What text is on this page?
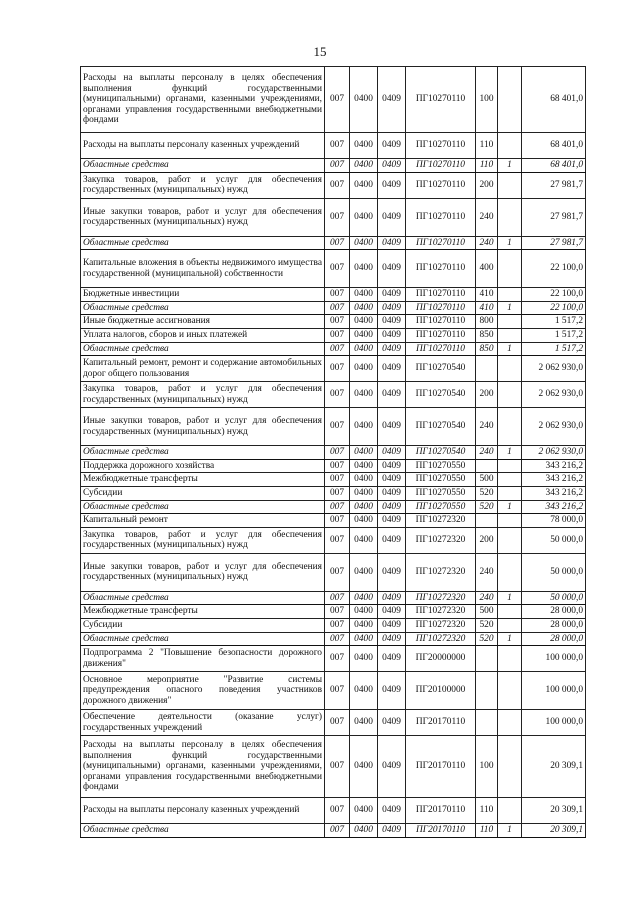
15
Расходы на выплаты персоналу в целях обеспечения выполнения функций государственными (муниципальными) органами, казенными учреждениями, органами управления государственными внебюджетными фондами	007	0400	0409	ПГ10270110	100		68 401,0
Расходы на выплаты персоналу казенных учреждений	007	0400	0409	ПГ10270110	110		68 401,0
Областные средства	007	0400	0409	ПГ10270110	110	1	68 401,0
Закупка товаров, работ и услуг для обеспечения государственных (муниципальных) нужд	007	0400	0409	ПГ10270110	200		27 981,7
Иные закупки товаров, работ и услуг для обеспечения государственных (муниципальных) нужд	007	0400	0409	ПГ10270110	240		27 981,7
Областные средства	007	0400	0409	ПГ10270110	240	1	27 981,7
Капитальные вложения в объекты недвижимого имущества государственной (муниципальной) собственности	007	0400	0409	ПГ10270110	400		22 100,0
Бюджетные инвестиции	007	0400	0409	ПГ10270110	410		22 100,0
Областные средства	007	0400	0409	ПГ10270110	410	1	22 100,0
Иные бюджетные ассигнования	007	0400	0409	ПГ10270110	800		1 517,2
Уплата налогов, сборов и иных платежей	007	0400	0409	ПГ10270110	850		1 517,2
Областные средства	007	0400	0409	ПГ10270110	850	1	1 517,2
Капитальный ремонт, ремонт и содержание автомобильных дорог общего пользования	007	0400	0409	ПГ10270540			2 062 930,0
Закупка товаров, работ и услуг для обеспечения государственных (муниципальных) нужд	007	0400	0409	ПГ10270540	200		2 062 930,0
Иные закупки товаров, работ и услуг для обеспечения государственных (муниципальных) нужд	007	0400	0409	ПГ10270540	240		2 062 930,0
Областные средства	007	0400	0409	ПГ10270540	240	1	2 062 930,0
Поддержка дорожного хозяйства	007	0400	0409	ПГ10270550			343 216,2
Межбюджетные трансферты	007	0400	0409	ПГ10270550	500		343 216,2
Субсидии	007	0400	0409	ПГ10270550	520		343 216,2
Областные средства	007	0400	0409	ПГ10270550	520	1	343 216,2
Капитальный ремонт	007	0400	0409	ПГ10272320			78 000,0
Закупка товаров, работ и услуг для обеспечения государственных (муниципальных) нужд	007	0400	0409	ПГ10272320	200		50 000,0
Иные закупки товаров, работ и услуг для обеспечения государственных (муниципальных) нужд	007	0400	0409	ПГ10272320	240		50 000,0
Областные средства	007	0400	0409	ПГ10272320	240	1	50 000,0
Межбюджетные трансферты	007	0400	0409	ПГ10272320	500		28 000,0
Субсидии	007	0400	0409	ПГ10272320	520		28 000,0
Областные средства	007	0400	0409	ПГ10272320	520	1	28 000,0
Подпрограмма 2 "Повышение безопасности дорожного движения"	007	0400	0409	ПГ20000000			100 000,0
Основное мероприятие "Развитие системы предупреждения опасного поведения участников дорожного движения"	007	0400	0409	ПГ20100000			100 000,0
Обеспечение деятельности (оказание услуг) государственных учреждений	007	0400	0409	ПГ20170110			100 000,0
Расходы на выплаты персоналу в целях обеспечения выполнения функций государственными (муниципальными) органами, казенными учреждениями, органами управления государственными внебюджетными фондами	007	0400	0409	ПГ20170110	100		20 309,1
Расходы на выплаты персоналу казенных учреждений	007	0400	0409	ПГ20170110	110		20 309,1
Областные средства	007	0400	0409	ПГ20170110	110	1	20 309,1
